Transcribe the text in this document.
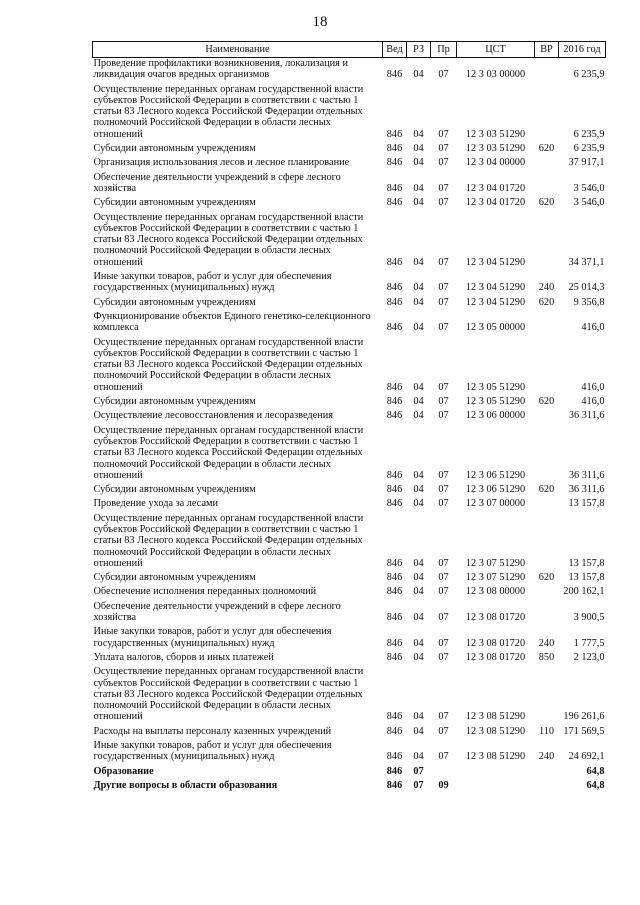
18
Наименование	Вед	РЗ	Пр	ЦСТ	ВР	2016 год
Проведение профилактики возникновения, локализация и ликвидация очагов вредных организмов	846	04	07	12 3 03 00000		6 235,9
Осуществление переданных органам государственной власти субъектов Российской Федерации в соответствии с частью 1 статьи 83 Лесного кодекса Российской Федерации отдельных полномочий Российской Федерации в области лесных отношений	846	04	07	12 3 03 51290		6 235,9
Субсидии автономным учреждениям	846	04	07	12 3 03 51290	620	6 235,9
Организация использования лесов и лесное планирование	846	04	07	12 3 04 00000		37 917,1
Обеспечение деятельности учреждений в сфере лесного хозяйства	846	04	07	12 3 04 01720		3 546,0
Субсидии автономным учреждениям	846	04	07	12 3 04 01720	620	3 546,0
Осуществление переданных органам государственной власти субъектов Российской Федерации в соответствии с частью 1 статьи 83 Лесного кодекса Российской Федерации отдельных полномочий Российской Федерации в области лесных отношений	846	04	07	12 3 04 51290		34 371,1
Иные закупки товаров, работ и услуг для обеспечения государственных (муниципальных) нужд	846	04	07	12 3 04 51290	240	25 014,3
Субсидии автономным учреждениям	846	04	07	12 3 04 51290	620	9 356,8
Функционирование объектов Единого генетико-селекционного комплекса	846	04	07	12 3 05 00000		416,0
Осуществление переданных органам государственной власти субъектов Российской Федерации в соответствии с частью 1 статьи 83 Лесного кодекса Российской Федерации отдельных полномочий Российской Федерации в области лесных отношений	846	04	07	12 3 05 51290		416,0
Субсидии автономным учреждениям	846	04	07	12 3 05 51290	620	416,0
Осуществление лесовосстановления и лесоразведения	846	04	07	12 3 06 00000		36 311,6
Осуществление переданных органам государственной власти субъектов Российской Федерации в соответствии с частью 1 статьи 83 Лесного кодекса Российской Федерации отдельных полномочий Российской Федерации в области лесных отношений	846	04	07	12 3 06 51290		36 311,6
Субсидии автономным учреждениям	846	04	07	12 3 06 51290	620	36 311,6
Проведение ухода за лесами	846	04	07	12 3 07 00000		13 157,8
Осуществление переданных органам государственной власти субъектов Российской Федерации в соответствии с частью 1 статьи 83 Лесного кодекса Российской Федерации отдельных полномочий Российской Федерации в области лесных отношений	846	04	07	12 3 07 51290		13 157,8
Субсидии автономным учреждениям	846	04	07	12 3 07 51290	620	13 157,8
Обеспечение исполнения переданных полномочий	846	04	07	12 3 08 00000		200 162,1
Обеспечение деятельности учреждений в сфере лесного хозяйства	846	04	07	12 3 08 01720		3 900,5
Иные закупки товаров, работ и услуг для обеспечения государственных (муниципальных) нужд	846	04	07	12 3 08 01720	240	1 777,5
Уплата налогов, сборов и иных платежей	846	04	07	12 3 08 01720	850	2 123,0
Осуществление переданных органам государственной власти субъектов Российской Федерации в соответствии с частью 1 статьи 83 Лесного кодекса Российской Федерации отдельных полномочий Российской Федерации в области лесных отношений	846	04	07	12 3 08 51290		196 261,6
Расходы на выплаты персоналу казенных учреждений	846	04	07	12 3 08 51290	110	171 569,5
Иные закупки товаров, работ и услуг для обеспечения государственных (муниципальных) нужд	846	04	07	12 3 08 51290	240	24 692,1
Образование	846	07				64,8
Другие вопросы в области образования	846	07	09			64,8
